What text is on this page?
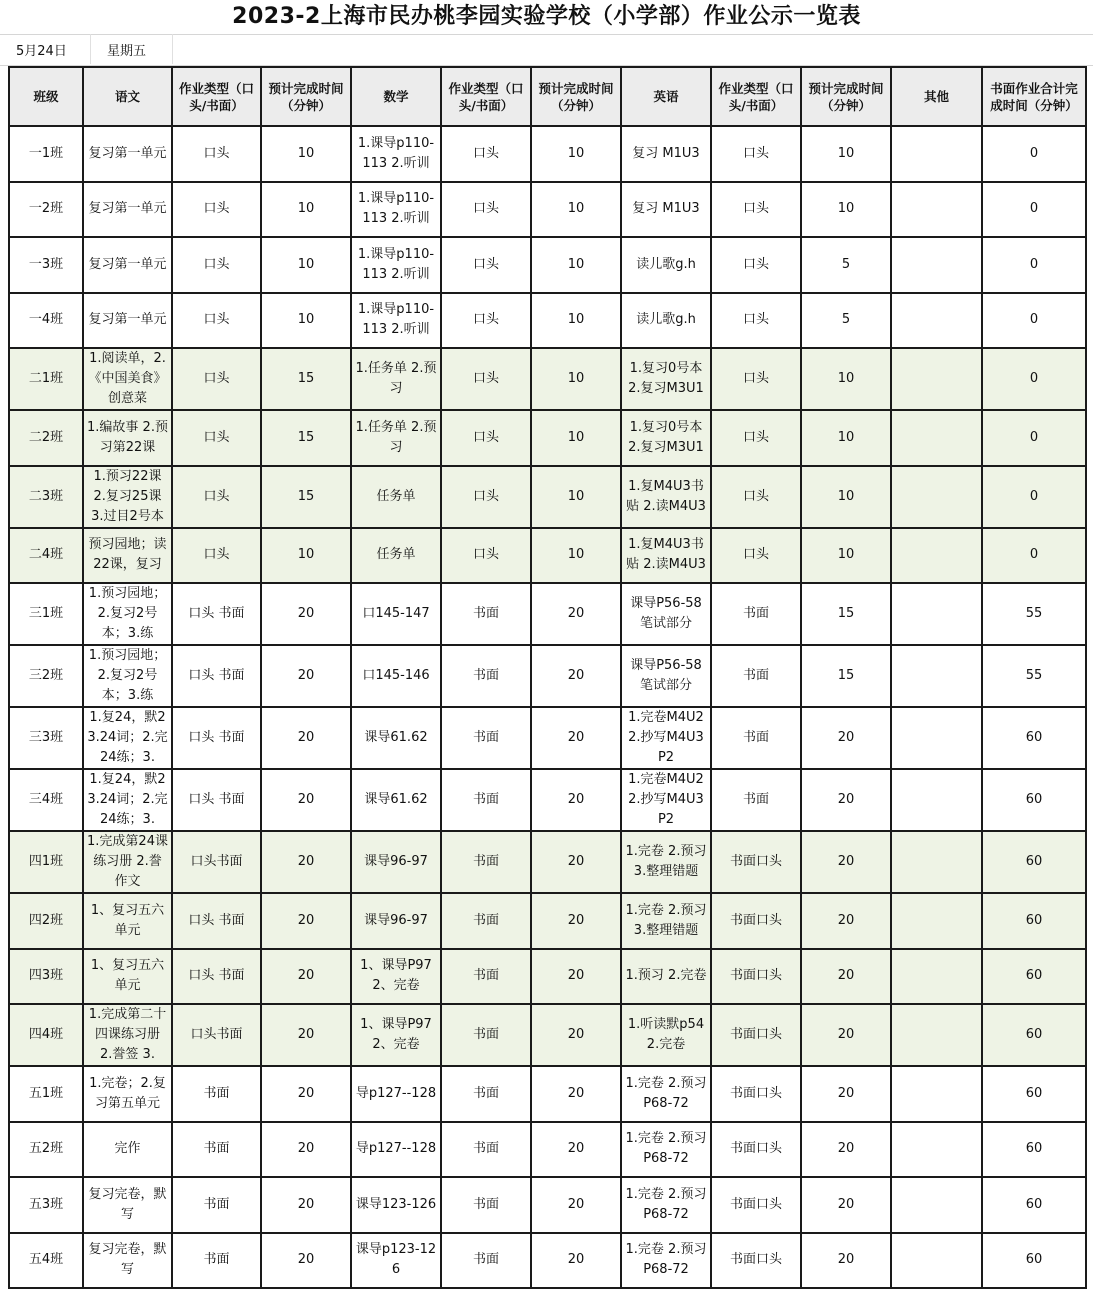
2023-2上海市民办桃李园实验学校（小学部）作业公示一览表
5月24日	星期五
班级	语文	作业类型（口头/书面）	预计完成时间（分钟）	数学	作业类型（口头/书面）	预计完成时间（分钟）	英语	作业类型（口头/书面）	预计完成时间（分钟）	其他	书面作业合计完成时间（分钟）
一1班	复习第一单元	口头	10	1.课导p110-113 2.听训	口头	10	复习 M1U3	口头	10		0
一2班	复习第一单元	口头	10	1.课导p110-113 2.听训	口头	10	复习 M1U3	口头	10		0
一3班	复习第一单元	口头	10	1.课导p110-113 2.听训	口头	10	读儿歌g.h	口头	5		0
一4班	复习第一单元	口头	10	1.课导p110-113 2.听训	口头	10	读儿歌g.h	口头	5		0
二1班	1.阅读单，2.《中国美食》创意菜	口头	15	1.任务单 2.预习	口头	10	1.复习0号本 2.复习M3U1	口头	10		0
二2班	1.编故事 2.预习第22课	口头	15	1.任务单 2.预习	口头	10	1.复习0号本 2.复习M3U1	口头	10		0
二3班	1.预习22课 2.复习25课 3.过目2号本	口头	15	任务单	口头	10	1.复M4U3书贴 2.读M4U3	口头	10		0
二4班	预习园地；读22课，复习	口头	10	任务单	口头	10	1.复M4U3书贴 2.读M4U3	口头	10		0
三1班	1.预习园地；2.复习2号本；3.练	口头 书面	20	口145-147	书面	20	课导P56-58笔试部分	书面	15		55
三2班	1.预习园地；2.复习2号本；3.练	口头 书面	20	口145-146	书面	20	课导P56-58笔试部分	书面	15		55
三3班	1.复24，默23.24词；2.完24练；3.	口头 书面	20	课导61.62	书面	20	1.完卷M4U2 2.抄写M4U3P2	书面	20		60
三4班	1.复24，默23.24词；2.完24练；3.	口头 书面	20	课导61.62	书面	20	1.完卷M4U2 2.抄写M4U3P2	书面	20		60
四1班	1.完成第24课练习册 2.誊作文	口头书面	20	课导96-97	书面	20	1.完卷 2.预习 3.整理错题	书面口头	20		60
四2班	1、复习五六单元	口头 书面	20	课导96-97	书面	20	1.完卷 2.预习 3.整理错题	书面口头	20		60
四3班	1、复习五六单元	口头 书面	20	1、课导P97 2、完卷	书面	20	1.预习 2.完卷	书面口头	20		60
四4班	1.完成第二十四课练习册 2.誊签 3.	口头书面	20	1、课导P97 2、完卷	书面	20	1.听读默p54 2.完卷	书面口头	20		60
五1班	1.完卷；2.复习第五单元	书面	20	导p127--128	书面	20	1.完卷 2.预习P68-72	书面口头	20		60
五2班	完作	书面	20	导p127--128	书面	20	1.完卷 2.预习P68-72	书面口头	20		60
五3班	复习完卷，默写	书面	20	课导123-126	书面	20	1.完卷 2.预习P68-72	书面口头	20		60
五4班	复习完卷，默写	书面	20	课导p123-126	书面	20	1.完卷 2.预习P68-72	书面口头	20		60
